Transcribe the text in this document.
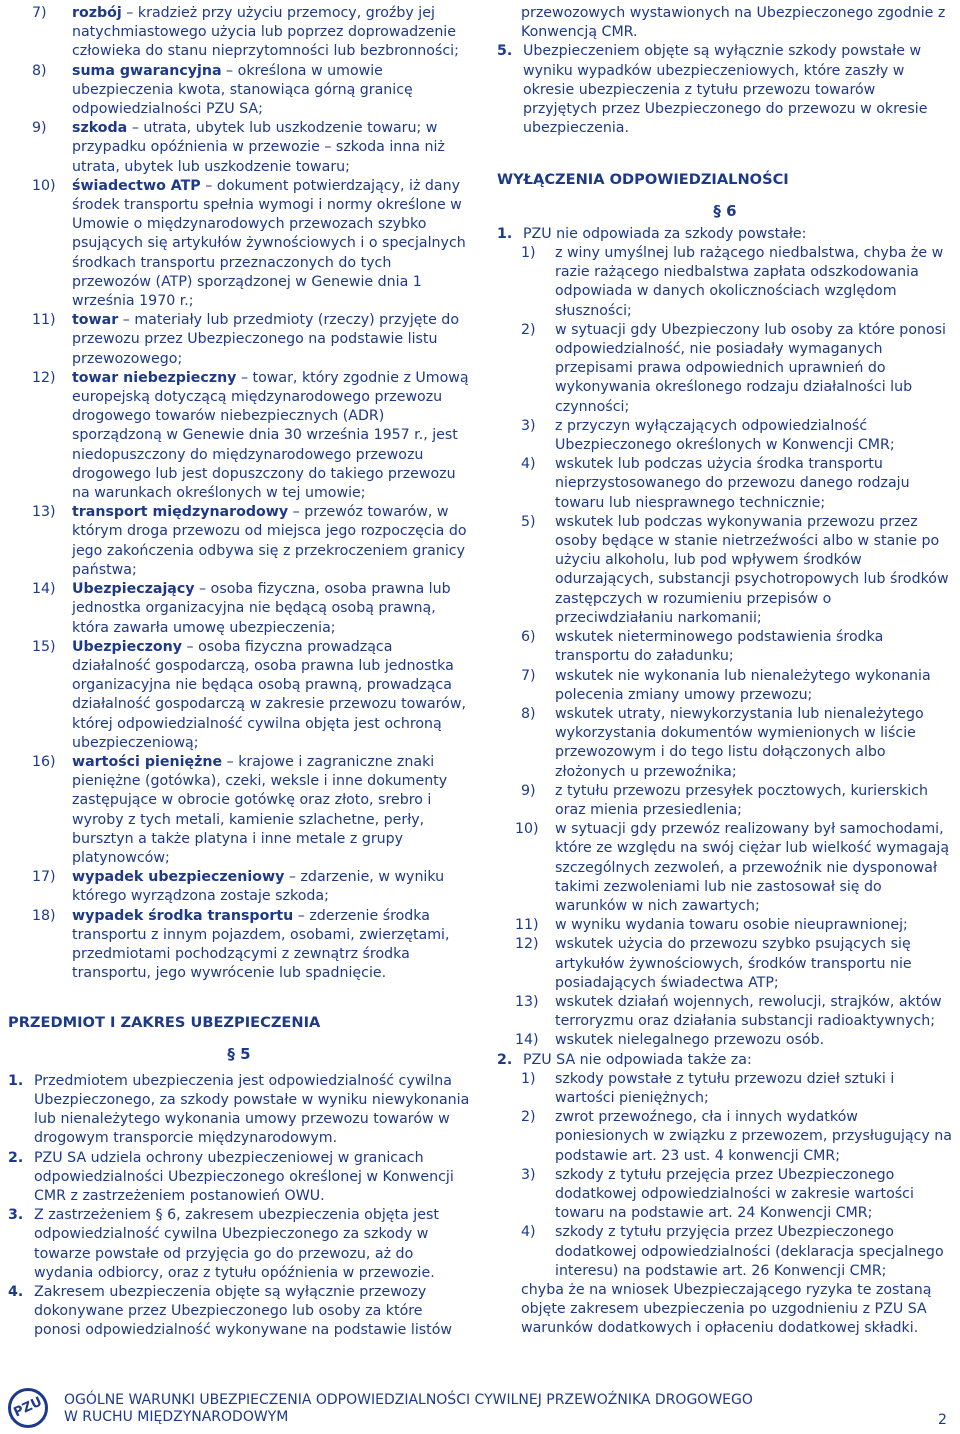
7) rozbój – kradzież przy użyciu przemocy, groźby jej natychmiastowego użycia lub poprzez doprowadzenie człowieka do stanu nieprzytomności lub bezbronności;
8) suma gwarancyjna – określona w umowie ubezpieczenia kwota, stanowiąca górną granicę odpowiedzialności PZU SA;
9) szkoda – utrata, ubytek lub uszkodzenie towaru; w przypadku opóźnienia w przewozie – szkoda inna niż utrata, ubytek lub uszkodzenie towaru;
10) świadectwo ATP – dokument potwierdzający, iż dany środek transportu spełnia wymogi i normy określone w Umowie o międzynarodowych przewozach szybko psujących się artykułów żywnościowych i o specjalnych środkach transportu przeznaczonych do tych przewozów (ATP) sporządzonej w Genewie dnia 1 września 1970 r.;
11) towar – materiały lub przedmioty (rzeczy) przyjęte do przewozu przez Ubezpieczonego na podstawie listu przewozowego;
12) towar niebezpieczny – towar, który zgodnie z Umową europejską dotyczącą międzynarodowego przewozu drogowego towarów niebezpiecznych (ADR) sporządzoną w Genewie dnia 30 września 1957 r., jest niedopuszczony do międzynarodowego przewozu drogowego lub jest dopuszczony do takiego przewozu na warunkach określonych w tej umowie;
13) transport międzynarodowy – przewóz towarów, w którym droga przewozu od miejsca jego rozpoczęcia do jego zakończenia odbywa się z przekroczeniem granicy państwa;
14) Ubezpieczający – osoba fizyczna, osoba prawna lub jednostka organizacyjna nie będącą osobą prawną, która zawarła umowę ubezpieczenia;
15) Ubezpieczony – osoba fizyczna prowadząca działalność gospodarczą, osoba prawna lub jednostka organizacyjna nie będąca osobą prawną, prowadząca działalność gospodarczą w zakresie przewozu towarów, której odpowiedzialność cywilna objęta jest ochroną ubezpieczeniową;
16) wartości pieniężne – krajowe i zagraniczne znaki pieniężne (gotówka), czeki, weksle i inne dokumenty zastępujące w obrocie gotówkę oraz złoto, srebro i wyroby z tych metali, kamienie szlachetne, perły, bursztyn a także platyna i inne metale z grupy platynowców;
17) wypadek ubezpieczeniowy – zdarzenie, w wyniku którego wyrządzona zostaje szkoda;
18) wypadek środka transportu – zderzenie środka transportu z innym pojazdem, osobami, zwierzętami, przedmiotami pochodzącymi z zewnątrz środka transportu, jego wywrócenie lub spadnięcie.
PRZEDMIOT I ZAKRES UBEZPIECZENIA
§ 5
1. Przedmiotem ubezpieczenia jest odpowiedzialność cywilna Ubezpieczonego, za szkody powstałe w wyniku niewykonania lub nienależytego wykonania umowy przewozu towarów w drogowym transporcie międzynarodowym.
2. PZU SA udziela ochrony ubezpieczeniowej w granicach odpowiedzialności Ubezpieczonego określonej w Konwencji CMR z zastrzeżeniem postanowień OWU.
3. Z zastrzeżeniem § 6, zakresem ubezpieczenia objęta jest odpowiedzialność cywilna Ubezpieczonego za szkody w towarze powstałe od przyjęcia go do przewozu, aż do wydania odbiorcy, oraz z tytułu opóźnienia w przewozie.
4. Zakresem ubezpieczenia objęte są wyłącznie przewozy dokonywane przez Ubezpieczonego lub osoby za które ponosi odpowiedzialność wykonywane na podstawie listów
przewozowych wystawionych na Ubezpieczonego zgodnie z Konwencją CMR.
5. Ubezpieczeniem objęte są wyłącznie szkody powstałe w wyniku wypadków ubezpieczeniowych, które zaszły w okresie ubezpieczenia z tytułu przewozu towarów przyjętych przez Ubezpieczonego do przewozu w okresie ubezpieczenia.
WYŁĄCZENIA ODPOWIEDZIALNOŚCI
§ 6
1. PZU nie odpowiada za szkody powstałe:
1) z winy umyślnej lub rażącego niedbalstwa, chyba że w razie rażącego niedbalstwa zapłata odszkodowania odpowiada w danych okolicznościach względom słuszności;
2) w sytuacji gdy Ubezpieczony lub osoby za które ponosi odpowiedzialność, nie posiadały wymaganych przepisami prawa odpowiednich uprawnień do wykonywania określonego rodzaju działalności lub czynności;
3) z przyczyn wyłączających odpowiedzialność Ubezpieczonego określonych w Konwencji CMR;
4) wskutek lub podczas użycia środka transportu nieprzystosowanego do przewozu danego rodzaju towaru lub niesprawnego technicznie;
5) wskutek lub podczas wykonywania przewozu przez osoby będące w stanie nietrzeźwości albo w stanie po użyciu alkoholu, lub pod wpływem środków odurzających, substancji psychotropowych lub środków zastępczych w rozumieniu przepisów o przeciwdziałaniu narkomanii;
6) wskutek nieterminowego podstawienia środka transportu do załadunku;
7) wskutek nie wykonania lub nienależytego wykonania polecenia zmiany umowy przewozu;
8) wskutek utraty, niewykorzystania lub nienależytego wykorzystania dokumentów wymienionych w liście przewozowym i do tego listu dołączonych albo złożonych u przewoźnika;
9) z tytułu przewozu przesyłek pocztowych, kurierskich oraz mienia przesiedlenia;
10) w sytuacji gdy przewóz realizowany był samochodami, które ze względu na swój ciężar lub wielkość wymagają szczególnych zezwoleń, a przewoźnik nie dysponował takimi zezwoleniami lub nie zastosował się do warunków w nich zawartych;
11) w wyniku wydania towaru osobie nieuprawnionej;
12) wskutek użycia do przewozu szybko psujących się artykułów żywnościowych, środków transportu nie posiadających świadectwa ATP;
13) wskutek działań wojennych, rewolucji, strajków, aktów terroryzmu oraz działania substancji radioaktywnych;
14) wskutek nielegalnego przewozu osób.
2. PZU SA nie odpowiada także za:
1) szkody powstałe z tytułu przewozu dzieł sztuki i wartości pieniężnych;
2) zwrot przewoźnego, cła i innych wydatków poniesionych w związku z przewozem, przysługujący na podstawie art. 23 ust. 4 konwencji CMR;
3) szkody z tytułu przejęcia przez Ubezpieczonego dodatkowej odpowiedzialności w zakresie wartości towaru na podstawie art. 24 Konwencji CMR;
4) szkody z tytułu przyjęcia przez Ubezpieczonego dodatkowej odpowiedzialności (deklaracja specjalnego interesu) na podstawie art. 26 Konwencji CMR;
chyba że na wniosek Ubezpieczającego ryzyka te zostaną objęte zakresem ubezpieczenia po uzgodnieniu z PZU SA warunków dodatkowych i opłaceniu dodatkowej składki.
PZU OGÓLNE WARUNKI UBEZPIECZENIA ODPOWIEDZIALNOŚCI CYWILNEJ PRZEWOŹNIKA DROGOWEGO
W RUCHU MIĘDZYNARODOWYM	2
